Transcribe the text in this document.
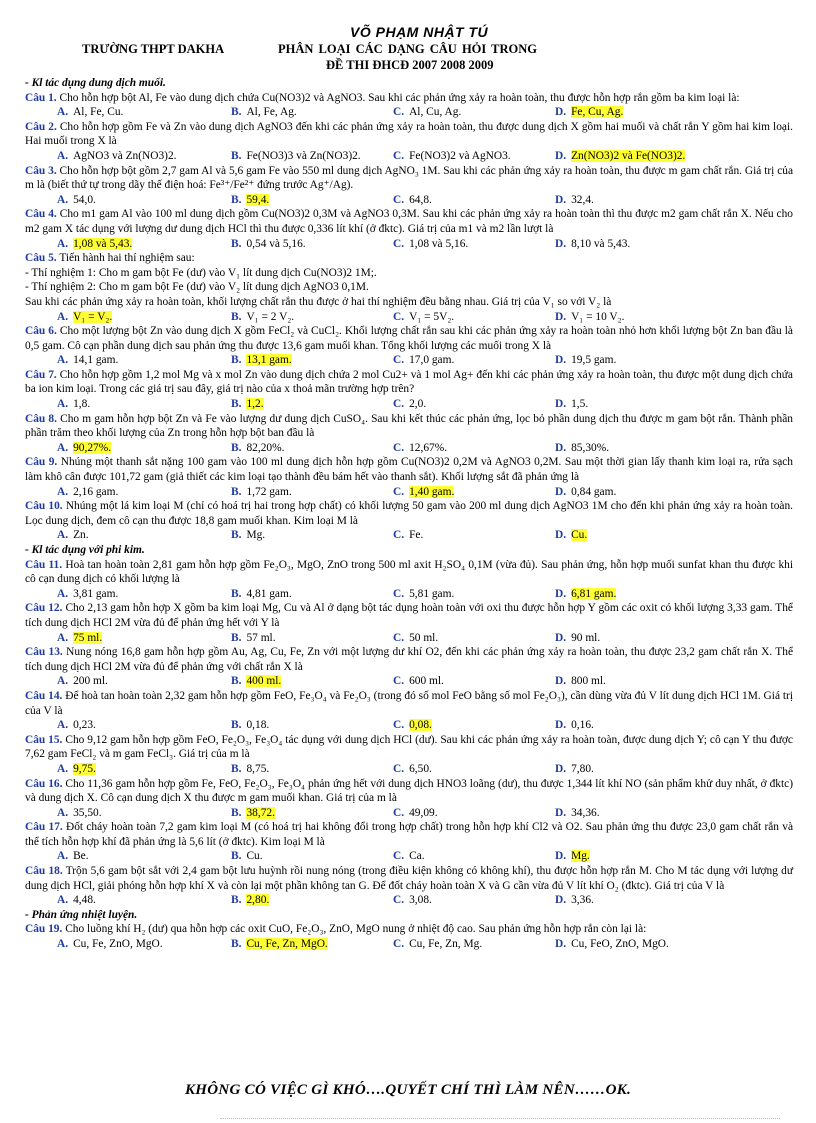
VÕ PHẠM NHẬT TÚ
TRƯỜNG THPT DAKHA	PHÂN LOẠI CÁC DẠNG CÂU HỎI TRONG
ĐỀ THI ĐHCĐ 2007 2008 2009
- Kl tác dụng dung dịch muối.
Câu 1. Cho hỗn hợp bột Al, Fe vào dung dịch chứa Cu(NO3)2 và AgNO3. Sau khi các phản ứng xảy ra hoàn toàn, thu được hỗn hợp rắn gồm ba kim loại là:
A. Al, Fe, Cu.	B. Al, Fe, Ag.	C. Al, Cu, Ag.	D. Fe, Cu, Ag.
Câu 2. Cho hỗn hợp gồm Fe và Zn vào dung dịch AgNO3 đến khi các phản ứng xảy ra hoàn toàn, thu được dung dịch X gồm hai muối và chất rắn Y gồm hai kim loại. Hai muối trong X là
A. AgNO3 và Zn(NO3)2.	B. Fe(NO3)3 và Zn(NO3)2.	C. Fe(NO3)2 và AgNO3.	D. Zn(NO3)2 và Fe(NO3)2.
Câu 3. Cho hỗn hợp bột gồm 2,7 gam Al và 5,6 gam Fe vào 550 ml dung dịch AgNO₃ 1M. Sau khi các phản ứng xảy ra hoàn toàn, thu được m gam chất rắn. Giá trị của m là (biết thứ tự trong dãy thế điện hoá: Fe³⁺/Fe²⁺ đứng trước Ag⁺/Ag).
A. 54,0.	B. 59,4.	C. 64,8.	D. 32,4.
Câu 4. Cho m1 gam Al vào 100 ml dung dịch gồm Cu(NO3)2 0,3M và AgNO3 0,3M. Sau khi các phản ứng xảy ra hoàn toàn thì thu được m2 gam chất rắn X. Nếu cho m2 gam X tác dụng với lượng dư dung dịch HCl thì thu được 0,336 lít khí (ở đktc). Giá trị của m1 và m2 lần lượt là
A. 1,08 và 5,43.	B. 0,54 và 5,16.	C. 1,08 và 5,16.	D. 8,10 và 5,43.
Câu 5. Tiến hành hai thí nghiệm sau:
- Thí nghiệm 1: Cho m gam bột Fe (dư) vào V₁ lít dung dịch Cu(NO3)2 1M;.
- Thí nghiệm 2: Cho m gam bột Fe (dư) vào V₂ lít dung dịch AgNO3 0,1M.
Sau khi các phản ứng xảy ra hoàn toàn, khối lượng chất rắn thu được ở hai thí nghiệm đều bằng nhau. Giá trị của V₁ so với V₂ là
A. V₁ = V₂.	B. V₁ = 2 V₂.	C. V₁ = 5V₂.	D. V₁ = 10 V₂.
Câu 6. Cho một lượng bột Zn vào dung dịch X gồm FeCl₂ và CuCl₂. Khối lượng chất rắn sau khi các phản ứng xảy ra hoàn toàn nhỏ hơn khối lượng bột Zn ban đầu là 0,5 gam. Cô cạn phần dung dịch sau phản ứng thu được 13,6 gam muối khan. Tổng khối lượng các muối trong X là
A. 14,1 gam.	B. 13,1 gam.	C. 17,0 gam.	D. 19,5 gam.
Câu 7. Cho hỗn hợp gồm 1,2 mol Mg và x mol Zn vào dung dịch chứa 2 mol Cu2+ và 1 mol Ag+ đến khi các phản ứng xảy ra hoàn toàn, thu được một dung dịch chứa ba ion kim loại. Trong các giá trị sau đây, giá trị nào của x thoả mãn trường hợp trên?
A. 1,8.	B. 1,2.	C. 2,0.	D. 1,5.
Câu 8. Cho m gam hỗn hợp bột Zn và Fe vào lượng dư dung dịch CuSO₄. Sau khi kết thúc các phản ứng, lọc bỏ phần dung dịch thu được m gam bột rắn. Thành phần phần trăm theo khối lượng của Zn trong hỗn hợp bột ban đầu là
A. 90,27%.	B. 82,20%.	C. 12,67%.	D. 85,30%.
Câu 9. Nhúng một thanh sắt nặng 100 gam vào 100 ml dung dịch hỗn hợp gồm Cu(NO3)2 0,2M và AgNO3 0,2M. Sau một thời gian lấy thanh kim loại ra, rửa sạch làm khô cân được 101,72 gam (giả thiết các kim loại tạo thành đều bám hết vào thanh sắt). Khối lượng sắt đã phản ứng là
A. 2,16 gam.	B. 1,72 gam.	C. 1,40 gam.	D. 0,84 gam.
Câu 10. Nhúng một lá kim loại M (chỉ có hoá trị hai trong hợp chất) có khối lượng 50 gam vào 200 ml dung dịch AgNO3 1M cho đến khi phản ứng xảy ra hoàn toàn. Lọc dung dịch, đem cô cạn thu được 18,8 gam muối khan. Kim loại M là
A. Zn.	B. Mg.	C. Fe.	D. Cu.
- Kl tác dụng với phi kim.
Câu 11. Hoà tan hoàn toàn 2,81 gam hỗn hợp gồm Fe₂O₃, MgO, ZnO trong 500 ml axit H₂SO₄ 0,1M (vừa đủ). Sau phản ứng, hỗn hợp muối sunfat khan thu được khi cô cạn dung dịch có khối lượng là
A. 3,81 gam.	B. 4,81 gam.	C. 5,81 gam.	D. 6,81 gam.
Câu 12. Cho 2,13 gam hỗn hợp X gồm ba kim loại Mg, Cu và Al ở dạng bột tác dụng hoàn toàn với oxi thu được hỗn hợp Y gồm các oxit có khối lượng 3,33 gam. Thể tích dung dịch HCl 2M vừa đủ để phản ứng hết với Y là
A. 75 ml.	B. 57 ml.	C. 50 ml.	D. 90 ml.
Câu 13. Nung nóng 16,8 gam hỗn hợp gồm Au, Ag, Cu, Fe, Zn với một lượng dư khí O2, đến khi các phản ứng xảy ra hoàn toàn, thu được 23,2 gam chất rắn X. Thể tích dung dịch HCl 2M vừa đủ để phản ứng với chất rắn X là
A. 200 ml.	B. 400 ml.	C. 600 ml.	D. 800 ml.
Câu 14. Để hoà tan hoàn toàn 2,32 gam hỗn hợp gồm FeO, Fe₃O₄ và Fe₂O₃ (trong đó số mol FeO bằng số mol Fe₂O₃), cần dùng vừa đủ V lít dung dịch HCl 1M. Giá trị của V là
A. 0,23.	B. 0,18.	C. 0,08.	D. 0,16.
Câu 15. Cho 9,12 gam hỗn hợp gồm FeO, Fe₂O₃, Fe₃O₄ tác dụng với dung dịch HCl (dư). Sau khi các phản ứng xảy ra hoàn toàn, được dung dịch Y; cô cạn Y thu được 7,62 gam FeCl₂ và m gam FeCl₃. Giá trị của m là
A. 9,75.	B. 8,75.	C. 6,50.	D. 7,80.
Câu 16. Cho 11,36 gam hỗn hợp gồm Fe, FeO, Fe₂O₃, Fe₃O₄ phản ứng hết với dung dịch HNO3 loãng (dư), thu được 1,344 lít khí NO (sản phẩm khử duy nhất, ở đktc) và dung dịch X. Cô cạn dung dịch X thu được m gam muối khan. Giá trị của m là
A. 35,50.	B. 38,72.	C. 49,09.	D. 34,36.
Câu 17. Đốt cháy hoàn toàn 7,2 gam kim loại M (có hoá trị hai không đổi trong hợp chất) trong hỗn hợp khí Cl2 và O2. Sau phản ứng thu được 23,0 gam chất rắn và thể tích hỗn hợp khí đã phản ứng là 5,6 lít (ở đktc). Kim loại M là
A. Be.	B. Cu.	C. Ca.	D. Mg.
Câu 18. Trộn 5,6 gam bột sắt với 2,4 gam bột lưu huỳnh rồi nung nóng (trong điều kiện không có không khí), thu được hỗn hợp rắn M. Cho M tác dụng với lượng dư dung dịch HCl, giải phóng hỗn hợp khí X và còn lại một phần không tan G. Để đốt cháy hoàn toàn X và G cần vừa đủ V lít khí O₂ (đktc). Giá trị của V là
A. 4,48.	B. 2,80.	C. 3,08.	D. 3,36.
- Phản ứng nhiệt luyện.
Câu 19. Cho luồng khí H₂ (dư) qua hỗn hợp các oxit CuO, Fe₂O₃, ZnO, MgO nung ở nhiệt độ cao. Sau phản ứng hỗn hợp rắn còn lại là:
A. Cu, Fe, ZnO, MgO.	B. Cu, Fe, Zn, MgO.	C. Cu, Fe, Zn, Mg.	D. Cu, FeO, ZnO, MgO.
KHÔNG CÓ VIỆC GÌ KHÓ….QUYẾT CHÍ THÌ LÀM NÊN……OK.
